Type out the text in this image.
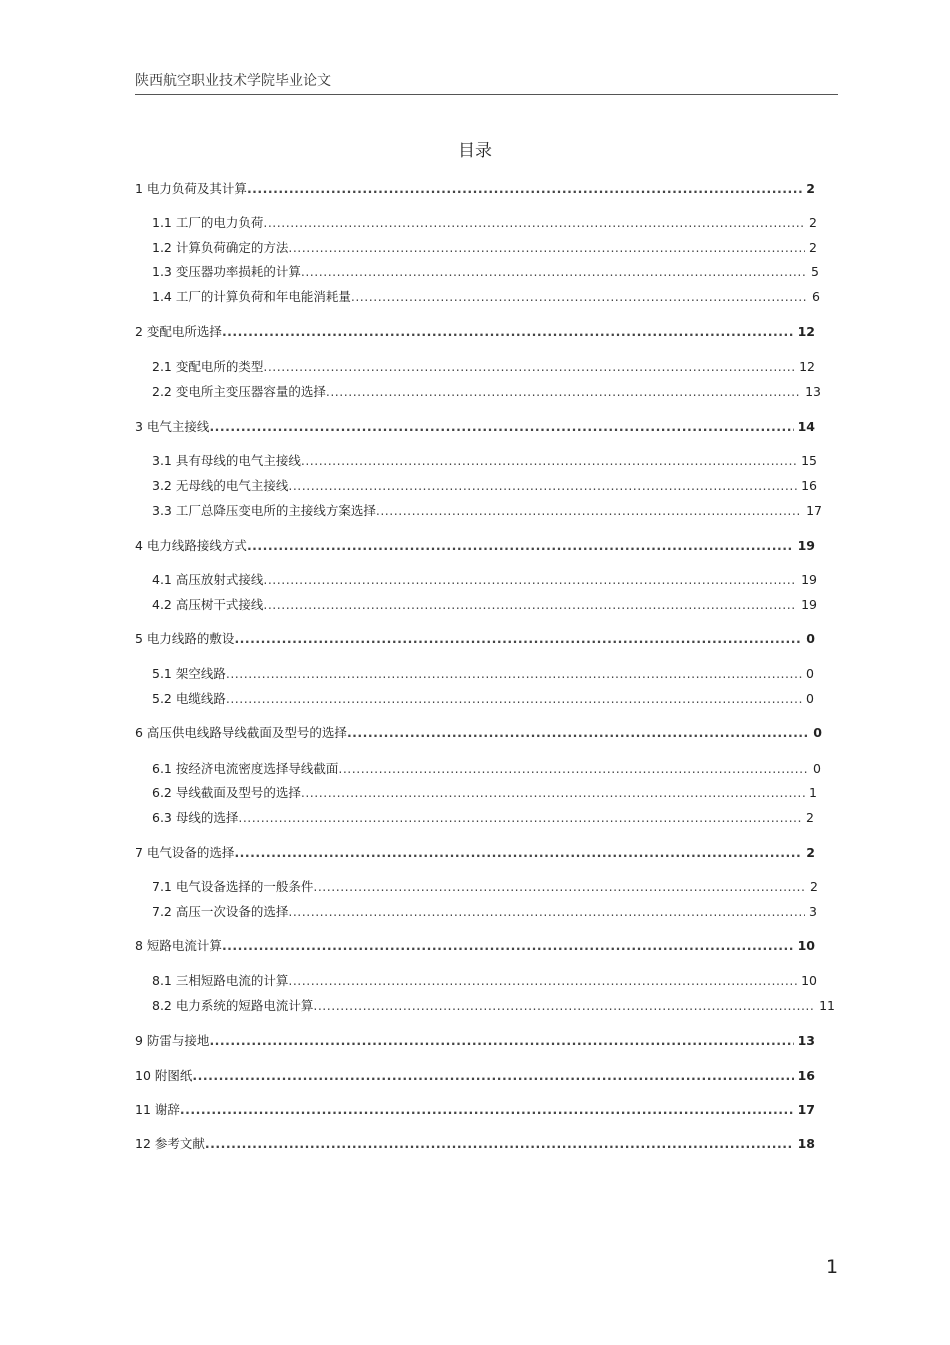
陕西航空职业技术学院毕业论文
目录
1 电力负荷及其计算 .....	2
1.1 工厂的电力负荷 .....	2
1.2 计算负荷确定的方法 .....	2
1.3 变压器功率损耗的计算 .....	5
1.4 工厂的计算负荷和年电能消耗量 .....	6
2 变配电所选择 .....	12
2.1 变配电所的类型 .....	12
2.2 变电所主变压器容量的选择 .....	13
3 电气主接线 .....	14
3.1 具有母线的电气主接线 .....	15
3.2 无母线的电气主接线 .....	16
3.3 工厂总降压变电所的主接线方案选择 .....	17
4 电力线路接线方式 .....	19
4.1 高压放射式接线 .....	19
4.2 高压树干式接线 .....	19
5 电力线路的敷设 .....	0
5.1 架空线路 .....	0
5.2 电缆线路 .....	0
6 高压供电线路导线截面及型号的选择 .....	0
6.1 按经济电流密度选择导线截面 .....	0
6.2 导线截面及型号的选择 .....	1
6.3 母线的选择 .....	2
7 电气设备的选择 .....	2
7.1 电气设备选择的一般条件 .....	2
7.2 高压一次设备的选择 .....	3
8 短路电流计算 .....	10
8.1 三相短路电流的计算 .....	10
8.2 电力系统的短路电流计算 .....	11
9 防雷与接地 .....	13
10 附图纸 .....	16
11 谢辞 .....	17
12 参考文献 .....	18
1
